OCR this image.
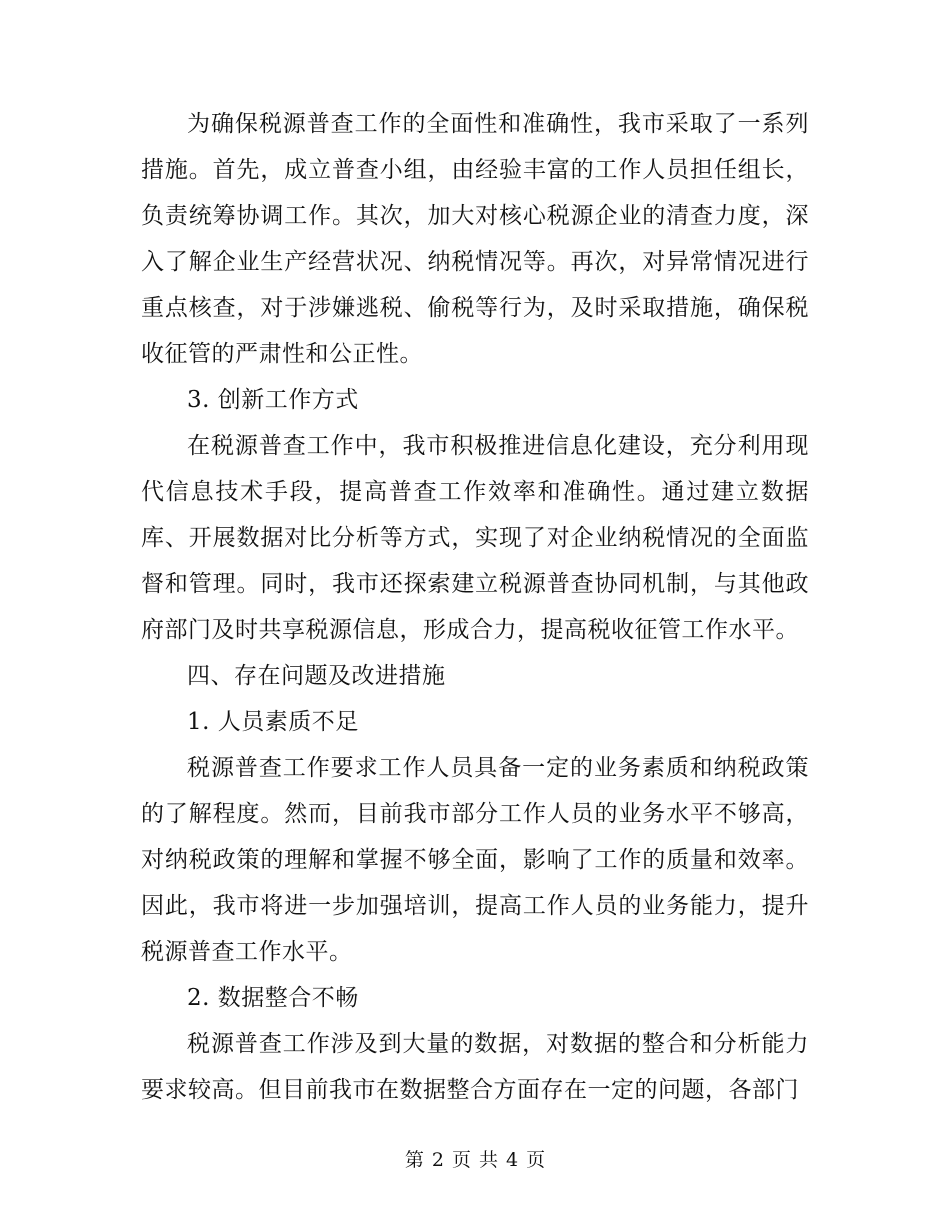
为确保税源普查工作的全面性和准确性，我市采取了一系列措施。首先，成立普查小组，由经验丰富的工作人员担任组长，负责统筹协调工作。其次，加大对核心税源企业的清查力度，深入了解企业生产经营状况、纳税情况等。再次，对异常情况进行重点核查，对于涉嫌逃税、偷税等行为，及时采取措施，确保税收征管的严肃性和公正性。

3. 创新工作方式

在税源普查工作中，我市积极推进信息化建设，充分利用现代信息技术手段，提高普查工作效率和准确性。通过建立数据库、开展数据对比分析等方式，实现了对企业纳税情况的全面监督和管理。同时，我市还探索建立税源普查协同机制，与其他政府部门及时共享税源信息，形成合力，提高税收征管工作水平。

四、存在问题及改进措施

1. 人员素质不足

税源普查工作要求工作人员具备一定的业务素质和纳税政策的了解程度。然而，目前我市部分工作人员的业务水平不够高，对纳税政策的理解和掌握不够全面，影响了工作的质量和效率。因此，我市将进一步加强培训，提高工作人员的业务能力，提升税源普查工作水平。

2. 数据整合不畅

税源普查工作涉及到大量的数据，对数据的整合和分析能力要求较高。但目前我市在数据整合方面存在一定的问题，各部门

第 2 页 共 4 页
